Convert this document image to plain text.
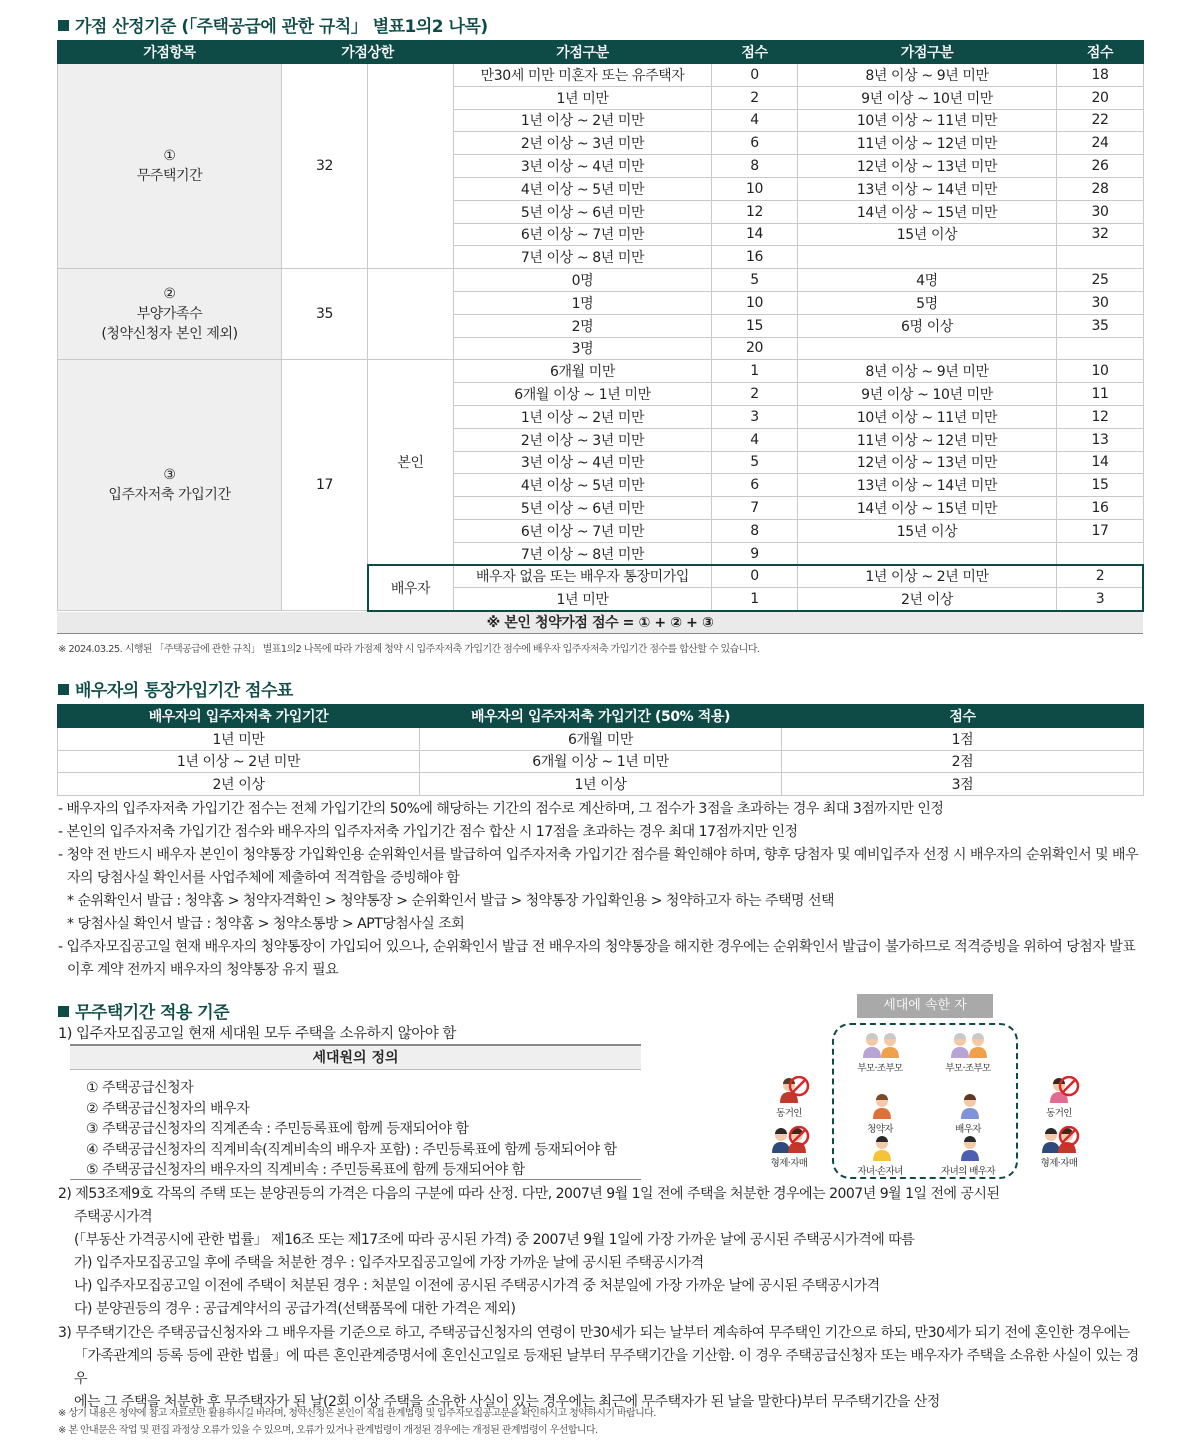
가점 산정기준 (「주택공급에 관한 규칙」 별표1의2 나목)
가점항목	가점상한		가점구분	점수	가점구분	점수

①
무주택기간	32		만30세 미만 미혼자 또는 유주택자	0	8년 이상 ~ 9년 미만	18
			1년 미만	2	9년 이상 ~ 10년 미만	20
			1년 이상 ~ 2년 미만	4	10년 이상 ~ 11년 미만	22
			2년 이상 ~ 3년 미만	6	11년 이상 ~ 12년 미만	24
			3년 이상 ~ 4년 미만	8	12년 이상 ~ 13년 미만	26
			4년 이상 ~ 5년 미만	10	13년 이상 ~ 14년 미만	28
			5년 이상 ~ 6년 미만	12	14년 이상 ~ 15년 미만	30
			6년 이상 ~ 7년 미만	14	15년 이상	32
			7년 이상 ~ 8년 미만	16		

②
부양가족수
(청약신청자 본인 제외)	35		0명	5	4명	25
			1명	10	5명	30
			2명	15	6명 이상	35
			3명	20		

③
입주자저축 가입기간	17	본인	6개월 미만	1	8년 이상 ~ 9년 미만	10
			6개월 이상 ~ 1년 미만	2	9년 이상 ~ 10년 미만	11
			1년 이상 ~ 2년 미만	3	10년 이상 ~ 11년 미만	12
			2년 이상 ~ 3년 미만	4	11년 이상 ~ 12년 미만	13
			3년 이상 ~ 4년 미만	5	12년 이상 ~ 13년 미만	14
			4년 이상 ~ 5년 미만	6	13년 이상 ~ 14년 미만	15
			5년 이상 ~ 6년 미만	7	14년 이상 ~ 15년 미만	16
			6년 이상 ~ 7년 미만	8	15년 이상	17
			7년 이상 ~ 8년 미만	9		
		배우자	배우자 없음 또는 배우자 통장미가입	0	1년 이상 ~ 2년 미만	2
			1년 미만	1	2년 이상	3
※ 본인 청약가점 점수 = ① + ② + ③
※ 2024.03.25. 시행된 「주택공급에 관한 규칙」 별표1의2 나목에 따라 가점제 청약 시 입주자저축 가입기간 점수에 배우자 입주자저축 가입기간 점수를 합산할 수 있습니다.
배우자의 통장가입기간 점수표
배우자의 입주자저축 가입기간	배우자의 입주자저축 가입기간 (50% 적용)	점수
1년 미만	6개월 미만	1점
1년 이상 ~ 2년 미만	6개월 이상 ~ 1년 미만	2점
2년 이상	1년 이상	3점
- 배우자의 입주자저축 가입기간 점수는 전체 가입기간의 50%에 해당하는 기간의 점수로 계산하며, 그 점수가 3점을 초과하는 경우 최대 3점까지만 인정
- 본인의 입주자저축 가입기간 점수와 배우자의 입주자저축 가입기간 점수 합산 시 17점을 초과하는 경우 최대 17점까지만 인정
- 청약 전 반드시 배우자 본인이 청약통장 가입확인용 순위확인서를 발급하여 입주자저축 가입기간 점수를 확인해야 하며, 향후 당첨자 및 예비입주자 선정 시 배우자의 순위확인서 및 배우자의 당첨사실 확인서를 사업주체에 제출하여 적격함을 증빙해야 함
* 순위확인서 발급 : 청약홈 > 청약자격확인 > 청약통장 > 순위확인서 발급 > 청약통장 가입확인용 > 청약하고자 하는 주택명 선택
* 당첨사실 확인서 발급 : 청약홈 > 청약소통방 > APT당첨사실 조회
- 입주자모집공고일 현재 배우자의 청약통장이 가입되어 있으나, 순위확인서 발급 전 배우자의 청약통장을 해지한 경우에는 순위확인서 발급이 불가하므로 적격증빙을 위하여 당첨자 발표 이후 계약 전까지 배우자의 청약통장 유지 필요
무주택기간 적용 기준
1) 입주자모집공고일 현재 세대원 모두 주택을 소유하지 않아야 함
세대원의 정의
① 주택공급신청자
② 주택공급신청자의 배우자
③ 주택공급신청자의 직계존속 : 주민등록표에 함께 등재되어야 함
④ 주택공급신청자의 직계비속(직계비속의 배우자 포함) : 주민등록표에 함께 등재되어야 함
⑤ 주택공급신청자의 배우자의 직계비속 : 주민등록표에 함께 등재되어야 함
세대에 속한 자
부모·조부모	부모·조부모
청약자	배우자
자녀·손자녀	자녀의 배우자
동거인
형제·자매
동거인
형제·자매
2) 제53조제9호 각목의 주택 또는 분양권등의 가격은 다음의 구분에 따라 산정. 다만, 2007년 9월 1일 전에 주택을 처분한 경우에는 2007년 9월 1일 전에 공시된
주택공시가격
(「부동산 가격공시에 관한 법률」 제16조 또는 제17조에 따라 공시된 가격) 중 2007년 9월 1일에 가장 가까운 날에 공시된 주택공시가격에 따름
가) 입주자모집공고일 후에 주택을 처분한 경우 : 입주자모집공고일에 가장 가까운 날에 공시된 주택공시가격
나) 입주자모집공고일 이전에 주택이 처분된 경우 : 처분일 이전에 공시된 주택공시가격 중 처분일에 가장 가까운 날에 공시된 주택공시가격
다) 분양권등의 경우 : 공급계약서의 공급가격(선택품목에 대한 가격은 제외)
3) 무주택기간은 주택공급신청자와 그 배우자를 기준으로 하고, 주택공급신청자의 연령이 만30세가 되는 날부터 계속하여 무주택인 기간으로 하되, 만30세가 되기 전에 혼인한 경우에는
「가족관계의 등록 등에 관한 법률」에 따른 혼인관계증명서에 혼인신고일로 등재된 날부터 무주택기간을 기산함. 이 경우 주택공급신청자 또는 배우자가 주택을 소유한 사실이 있는 경우
에는 그 주택을 처분한 후 무주택자가 된 날(2회 이상 주택을 소유한 사실이 있는 경우에는 최근에 무주택자가 된 날을 말한다)부터 무주택기간을 산정
※ 상기 내용은 청약에 참고 자료로만 활용하시길 바라며, 청약신청은 본인이 직접 관계법령 및 입주자모집공고문을 확인하시고 청약하시기 바랍니다.
※ 본 안내문은 작업 및 편집 과정상 오류가 있을 수 있으며, 오류가 있거나 관계법령이 개정된 경우에는 개정된 관계법령이 우선합니다.
